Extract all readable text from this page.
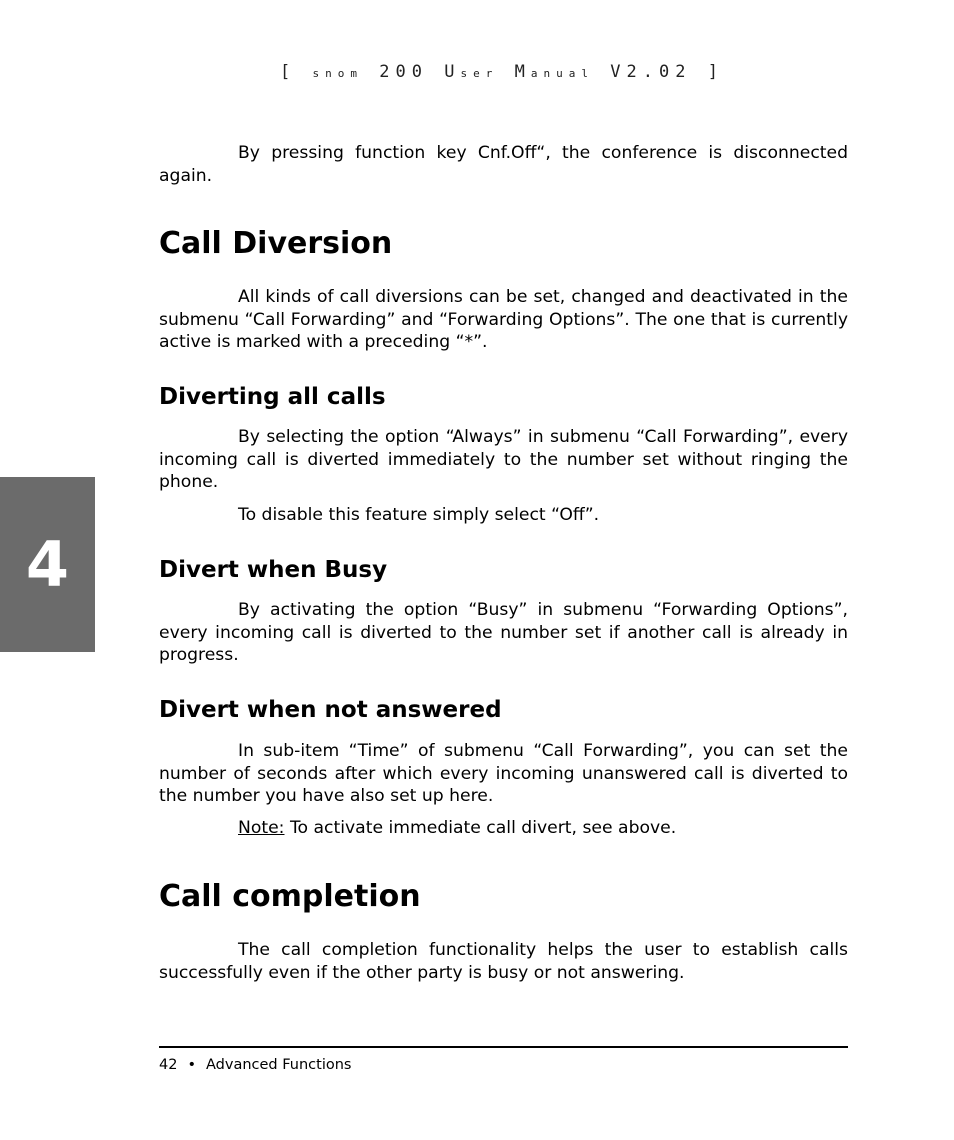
[ snom 200 User Manual V2.02 ]
4

By pressing function key Cnf.Off“, the conference is disconnected again.

Call Diversion

All kinds of call diversions can be set, changed and deactivated in the submenu “Call Forwarding” and “Forwarding Options”. The one that is currently active is marked with a preceding “*”.

Diverting all calls

By selecting the option “Always” in submenu “Call Forwarding”, every incoming call is diverted immediately to the number set without ringing the phone.

To disable this feature simply select “Off”.

Divert when Busy

By activating the option “Busy” in submenu “Forwarding Options”, every incoming call is diverted to the number set if another call is already in progress.

Divert when not answered

In sub-item “Time” of submenu “Call Forwarding”, you can set the number of seconds after which every incoming unanswered call is diverted to the number you have also set up here.

Note: To activate immediate call divert, see above.

Call completion

The call completion functionality helps the user to establish calls successfully even if the other party is busy or not answering.

42 • Advanced Functions
